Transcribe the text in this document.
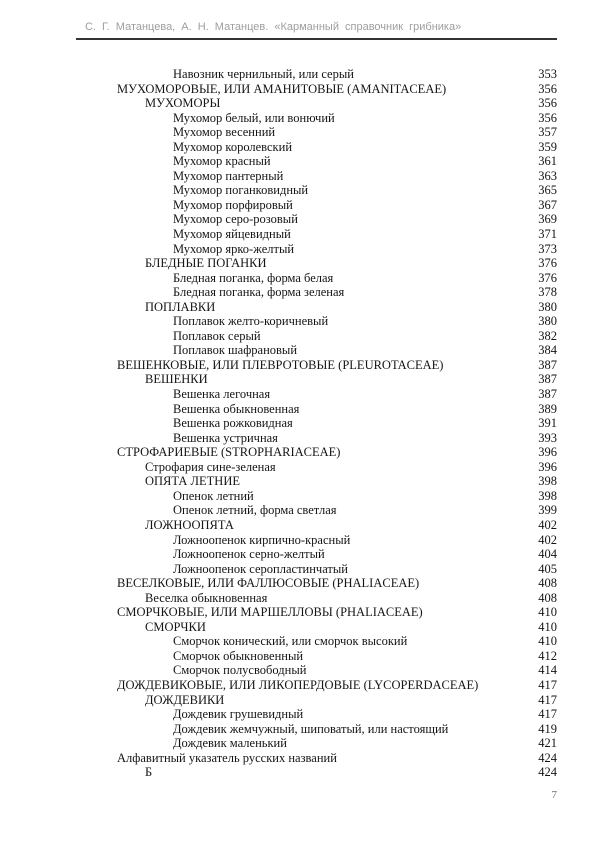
С. Г. Матанцева, А. Н. Матанцев. «Карманный справочник грибника»
Навозник чернильный, или серый	353
МУХОМОРОВЫЕ, ИЛИ АМАНИТОВЫЕ (AMANITACEAE)	356
МУХОМОРЫ	356
Мухомор белый, или вонючий	356
Мухомор весенний	357
Мухомор королевский	359
Мухомор красный	361
Мухомор пантерный	363
Мухомор поганковидный	365
Мухомор порфировый	367
Мухомор серо-розовый	369
Мухомор яйцевидный	371
Мухомор ярко-желтый	373
БЛЕДНЫЕ ПОГАНКИ	376
Бледная поганка, форма белая	376
Бледная поганка, форма зеленая	378
ПОПЛАВКИ	380
Поплавок желто-коричневый	380
Поплавок серый	382
Поплавок шафрановый	384
ВЕШЕНКОВЫЕ, ИЛИ ПЛЕВРОТОВЫЕ (PLEUROTACEAE)	387
ВЕШЕНКИ	387
Вешенка легочная	387
Вешенка обыкновенная	389
Вешенка рожковидная	391
Вешенка устричная	393
СТРОФАРИЕВЫЕ (STROPHARIACEAE)	396
Строфария сине-зеленая	396
ОПЯТА ЛЕТНИЕ	398
Опенок летний	398
Опенок летний, форма светлая	399
ЛОЖНООПЯТА	402
Ложноопенок кирпично-красный	402
Ложноопенок серно-желтый	404
Ложноопенок серопластинчатый	405
ВЕСЕЛКОВЫЕ, ИЛИ ФАЛЛЮСОВЫЕ (PHALIACEAE)	408
Веселка обыкновенная	408
СМОРЧКОВЫЕ, ИЛИ МАРШЕЛЛОВЫ (PHALIACEAE)	410
СМОРЧКИ	410
Сморчок конический, или сморчок высокий	410
Сморчок обыкновенный	412
Сморчок полусвободный	414
ДОЖДЕВИКОВЫЕ, ИЛИ ЛИКОПЕРДОВЫЕ (LYCOPERDACEAE)	417
ДОЖДЕВИКИ	417
Дождевик грушевидный	417
Дождевик жемчужный, шиповатый, или настоящий	419
Дождевик маленький	421
Алфавитный указатель русских названий	424
Б	424
7
